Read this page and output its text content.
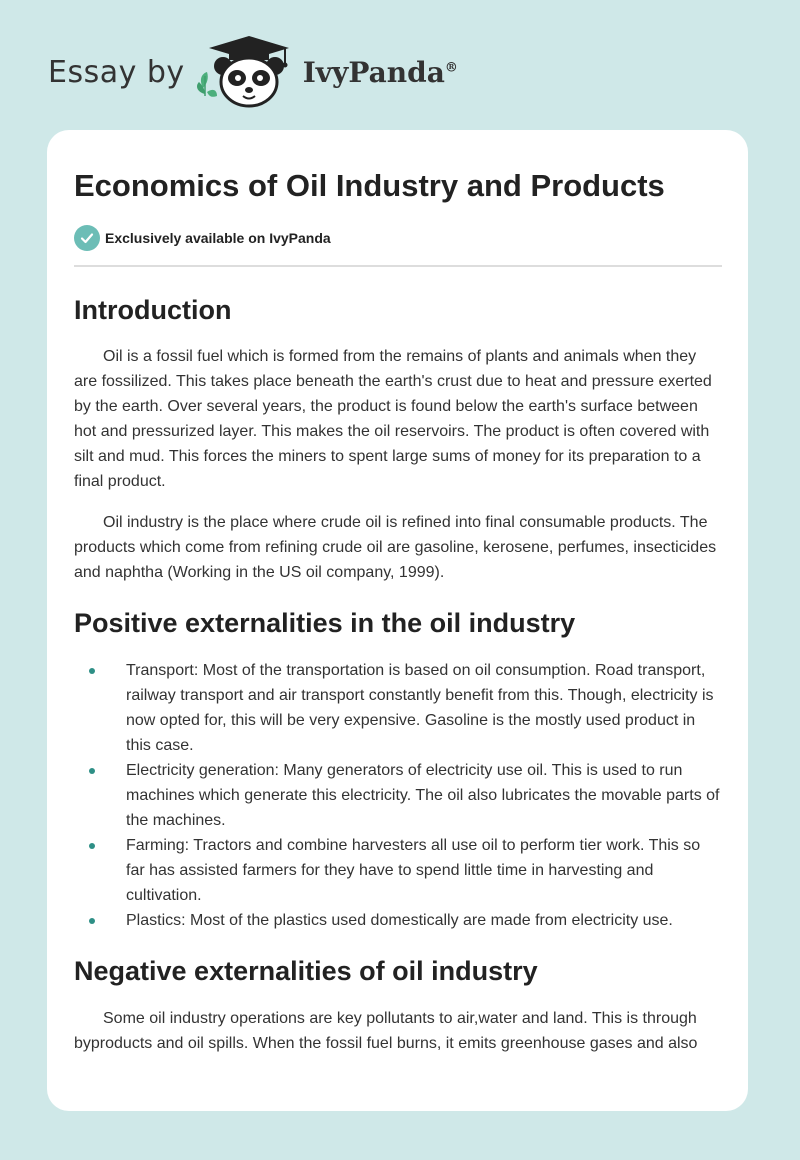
Essay by	IvyPanda®
Economics of Oil Industry and Products
Exclusively available on IvyPanda
Introduction

Oil is a fossil fuel which is formed from the remains of plants and animals when they are fossilized. This takes place beneath the earth's crust due to heat and pressure exerted by the earth. Over several years, the product is found below the earth's surface between hot and pressurized layer. This makes the oil reservoirs. The product is often covered with silt and mud. This forces the miners to spent large sums of money for its preparation to a final product.

Oil industry is the place where crude oil is refined into final consumable products. The products which come from refining crude oil are gasoline, kerosene, perfumes, insecticides and naphtha (Working in the US oil company, 1999).

Positive externalities in the oil industry
Transport: Most of the transportation is based on oil consumption. Road transport, railway transport and air transport constantly benefit from this. Though, electricity is now opted for, this will be very expensive. Gasoline is the mostly used product in this case.
Electricity generation: Many generators of electricity use oil. This is used to run machines which generate this electricity. The oil also lubricates the movable parts of the machines.
Farming: Tractors and combine harvesters all use oil to perform tier work. This so far has assisted farmers for they have to spend little time in harvesting and cultivation.
Plastics: Most of the plastics used domestically are made from electricity use.
Negative externalities of oil industry

Some oil industry operations are key pollutants to air,water and land. This is through byproducts and oil spills. When the fossil fuel burns, it emits greenhouse gases and also
